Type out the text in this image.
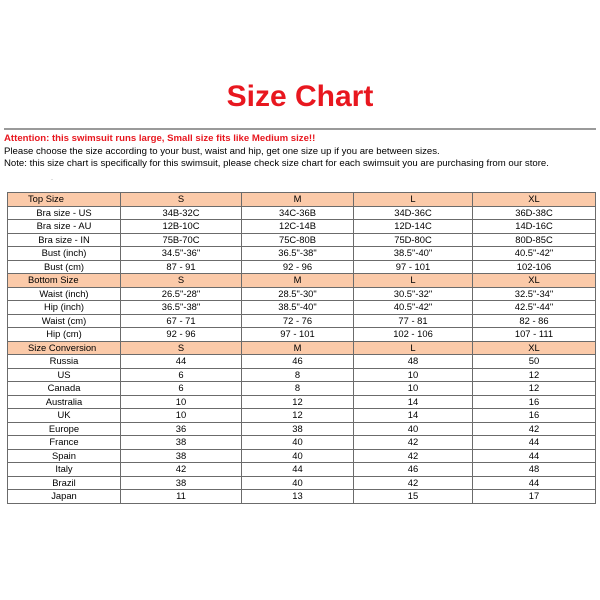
Size Chart
Attention: this swimsuit runs large, Small size fits like Medium size!!
Please choose the size according to your bust, waist and hip, get one size up if you are between sizes.
Note: this size chart is specifically for this swimsuit, please check size chart for each swimsuit you are purchasing from our store.
·
Top Size	S	M	L	XL
Bra size - US	34B-32C	34C-36B	34D-36C	36D-38C
Bra size - AU	12B-10C	12C-14B	12D-14C	14D-16C
Bra size - IN	75B-70C	75C-80B	75D-80C	80D-85C
Bust (inch)	34.5"-36"	36.5"-38"	38.5"-40"	40.5"-42"
Bust (cm)	87 - 91	92 - 96	97 - 101	102-106
Bottom Size	S	M	L	XL
Waist (inch)	26.5"-28"	28.5"-30"	30.5"-32"	32.5"-34"
Hip (inch)	36.5"-38"	38.5"-40"	40.5"-42"	42.5"-44"
Waist (cm)	67 - 71	72 - 76	77 - 81	82 - 86
Hip (cm)	92 - 96	97 - 101	102 - 106	107 - 111
Size Conversion	S	M	L	XL
Russia	44	46	48	50
US	6	8	10	12
Canada	6	8	10	12
Australia	10	12	14	16
UK	10	12	14	16
Europe	36	38	40	42
France	38	40	42	44
Spain	38	40	42	44
Italy	42	44	46	48
Brazil	38	40	42	44
Japan	11	13	15	17
